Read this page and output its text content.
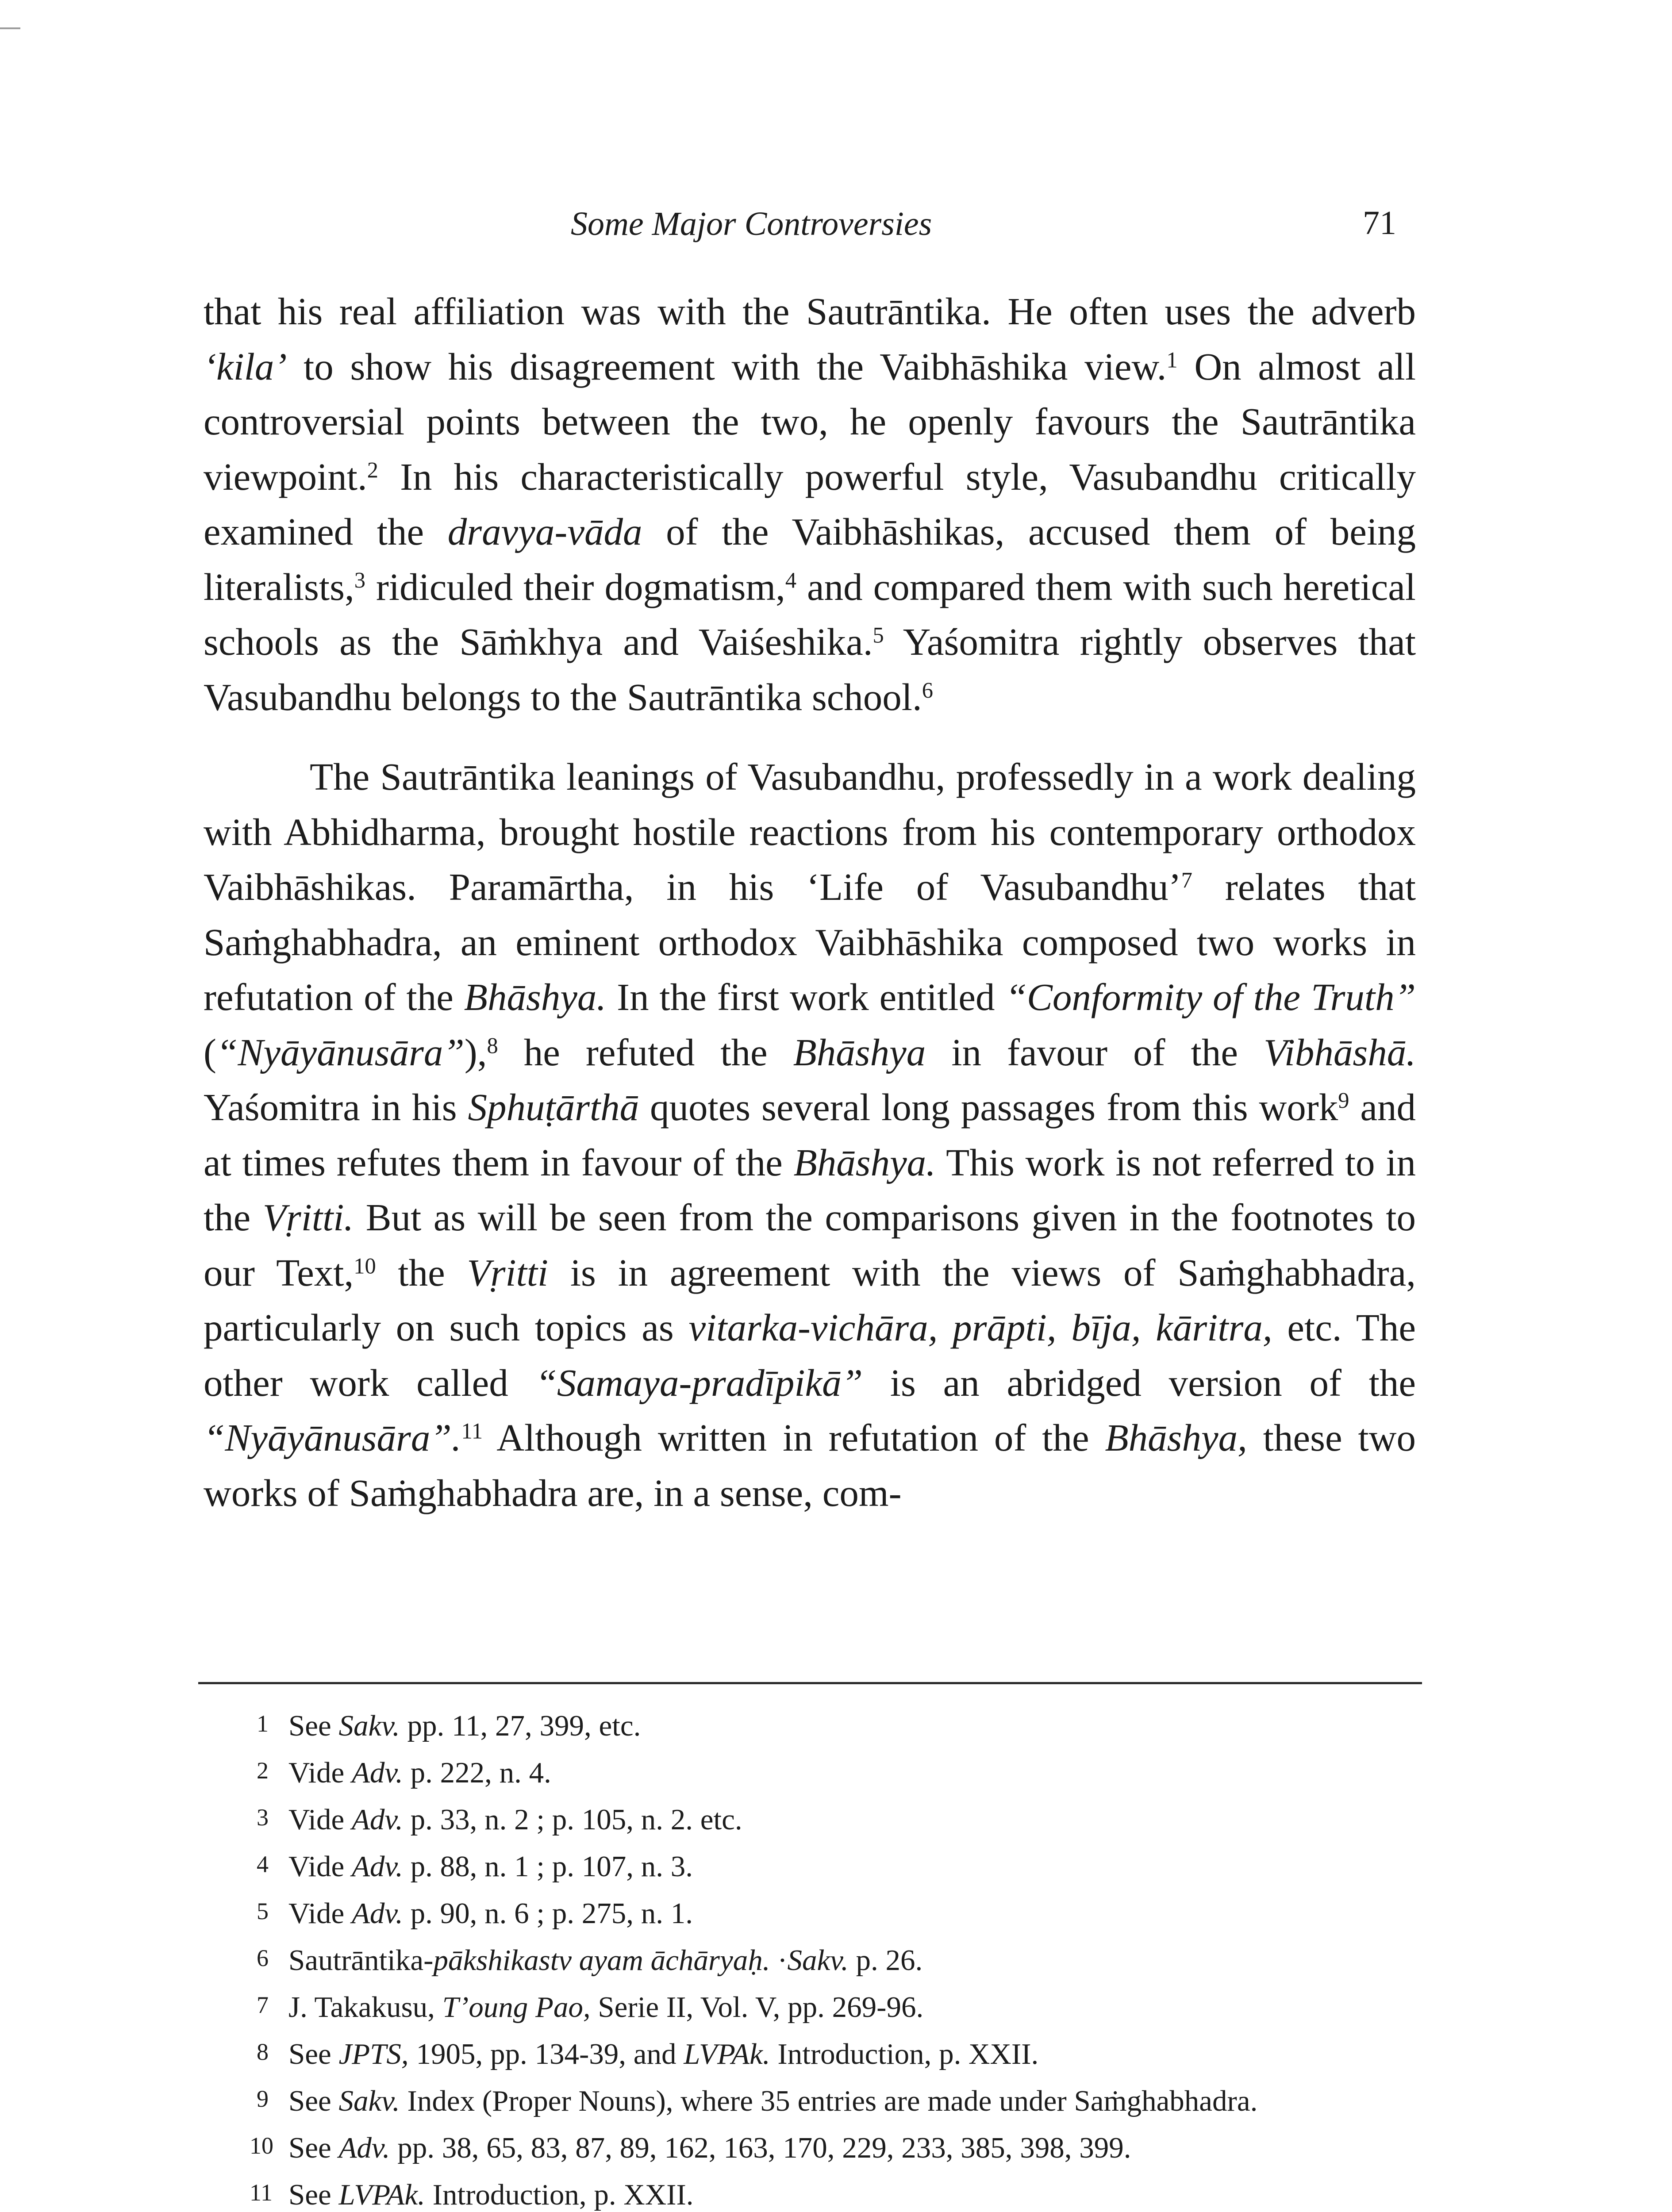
Some Major Controversies	71

that his real affiliation was with the Sautrāntika. He often uses the adverb ‘kila’ to show his disagreement with the Vaibhāshika view.$^1$ On almost all controversial points between the two, he openly favours the Sautrāntika viewpoint.$^2$ In his characteristically powerful style, Vasubandhu critically examined the dravya-vāda of the Vaibhāshikas, accused them of being literalists,$^3$ ridiculed their dogmatism,$^4$ and compared them with such heretical schools as the Sāṁkhya and Vaiśeshika.$^5$ Yaśomitra rightly observes that Vasubandhu belongs to the Sautrāntika school.$^6$

The Sautrāntika leanings of Vasubandhu, professedly in a work dealing with Abhidharma, brought hostile reactions from his contemporary orthodox Vaibhāshikas. Paramārtha, in his ‘Life of Vasubandhu’$^7$ relates that Saṁghabhadra, an eminent orthodox Vaibhāshika composed two works in refutation of the Bhāshya. In the first work entitled “Conformity of the Truth” (“Nyāyānusāra”),$^8$ he refuted the Bhāshya in favour of the Vibhāshā. Yaśomitra in his Sphuṭārthā quotes several long passages from this work$^9$ and at times refutes them in favour of the Bhāshya. This work is not referred to in the Vṛitti. But as will be seen from the comparisons given in the footnotes to our Text,$^{10}$ the Vṛitti is in agreement with the views of Saṁghabhadra, particularly on such topics as vitarka-vichāra, prāpti, bīja, kāritra, etc. The other work called “Samaya-pradīpikā” is an abridged version of the “Nyāyānusāra”.$^{11}$ Although written in refutation of the Bhāshya, these two works of Saṁghabhadra are, in a sense, com-

1 See Sakv. pp. 11, 27, 399, etc.
2 Vide Adv. p. 222, n. 4.
3 Vide Adv. p. 33, n. 2 ; p. 105, n. 2. etc.
4 Vide Adv. p. 88, n. 1 ; p. 107, n. 3.
5 Vide Adv. p. 90, n. 6 ; p. 275, n. 1.
6 Sautrāntika-pākshikastv ayam āchāryaḥ. ·Sakv. p. 26.
7 J. Takakusu, T’oung Pao, Serie II, Vol. V, pp. 269-96.
8 See JPTS, 1905, pp. 134-39, and LVPAk. Introduction, p. XXII.
9 See Sakv. Index (Proper Nouns), where 35 entries are made under Saṁghabhadra.
10 See Adv. pp. 38, 65, 83, 87, 89, 162, 163, 170, 229, 233, 385, 398, 399.
11 See LVPAk. Introduction, p. XXII.
